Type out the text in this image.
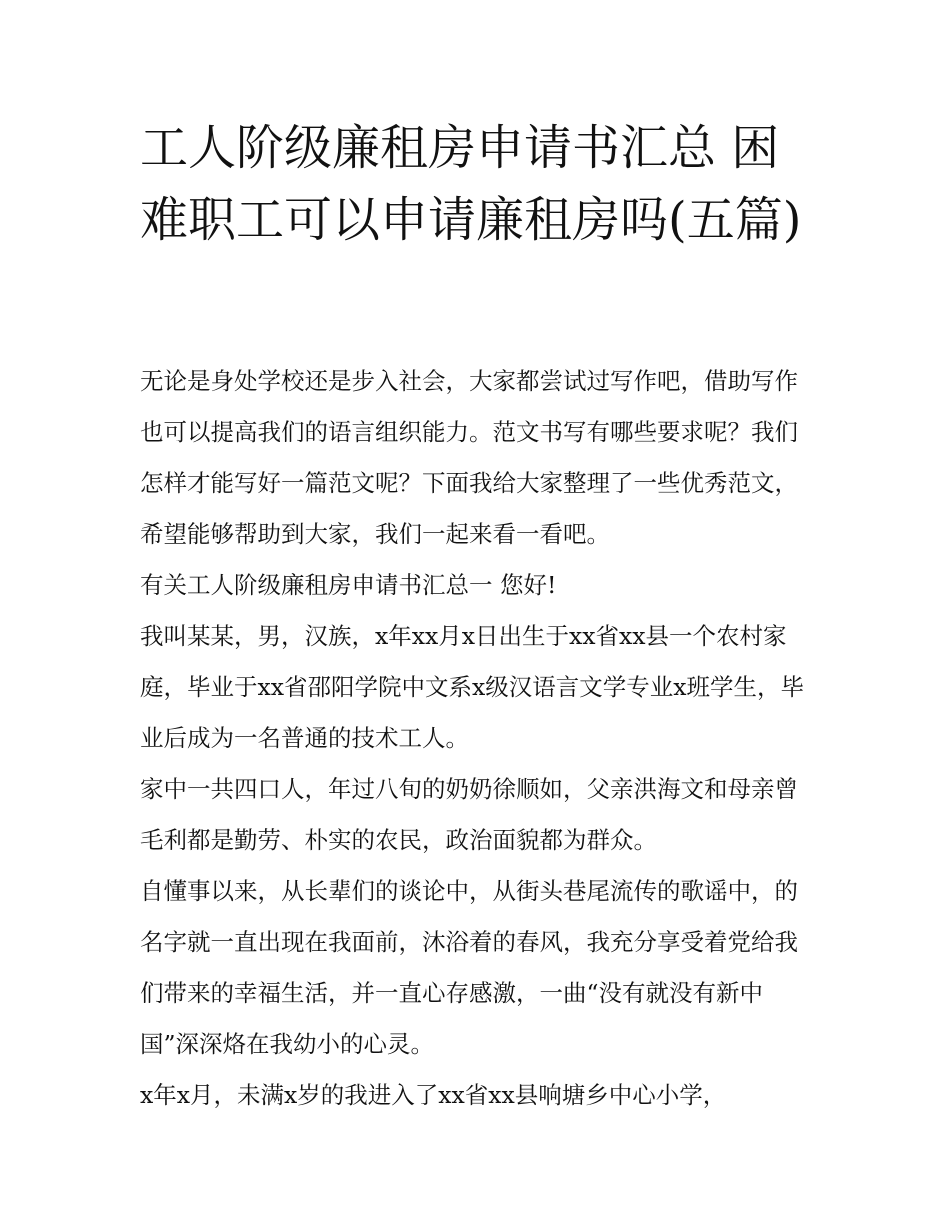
工人阶级廉租房申请书汇总 困难职工可以申请廉租房吗(五篇)

无论是身处学校还是步入社会，大家都尝试过写作吧，借助写作也可以提高我们的语言组织能力。范文书写有哪些要求呢？我们怎样才能写好一篇范文呢？下面我给大家整理了一些优秀范文，希望能够帮助到大家，我们一起来看一看吧。

有关工人阶级廉租房申请书汇总一 您好!

我叫某某，男，汉族，x年xx月x日出生于xx省xx县一个农村家庭，毕业于xx省邵阳学院中文系x级汉语言文学专业x班学生，毕业后成为一名普通的技术工人。

家中一共四口人，年过八旬的奶奶徐顺如，父亲洪海文和母亲曾毛利都是勤劳、朴实的农民，政治面貌都为群众。

自懂事以来，从长辈们的谈论中，从街头巷尾流传的歌谣中，的名字就一直出现在我面前，沐浴着的春风，我充分享受着党给我们带来的幸福生活，并一直心存感激，一曲“没有就没有新中国”深深烙在我幼小的心灵。

x年x月，未满x岁的我进入了xx省xx县响塘乡中心小学，
